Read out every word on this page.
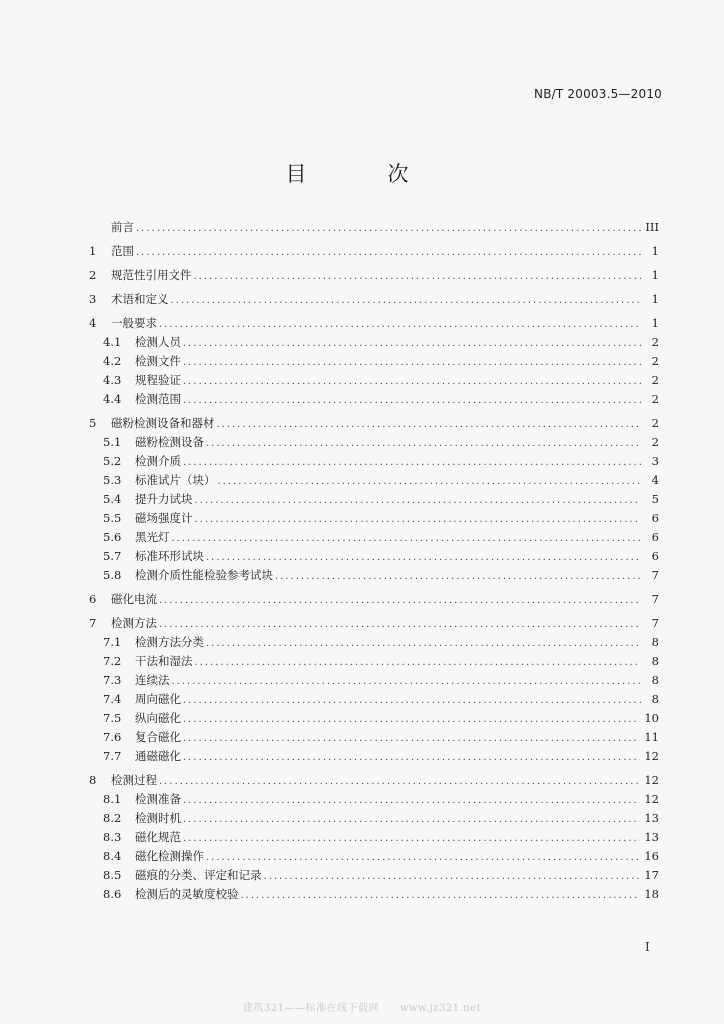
NB/T 20003.5—2010
目　次
前言 .....	III
1	范围 .....	1
2	规范性引用文件 .....	1
3	术语和定义 .....	1
4	一般要求 .....	1
4.1	检测人员 .....	2
4.2	检测文件 .....	2
4.3	规程验证 .....	2
4.4	检测范围 .....	2
5	磁粉检测设备和器材 .....	2
5.1	磁粉检测设备 .....	2
5.2	检测介质 .....	3
5.3	标准试片（块） .....	4
5.4	提升力试块 .....	5
5.5	磁场强度计 .....	6
5.6	黑光灯 .....	6
5.7	标准环形试块 .....	6
5.8	检测介质性能检验参考试块 .....	7
6	磁化电流 .....	7
7	检测方法 .....	7
7.1	检测方法分类 .....	8
7.2	干法和湿法 .....	8
7.3	连续法 .....	8
7.4	周向磁化 .....	8
7.5	纵向磁化 .....	10
7.6	复合磁化 .....	11
7.7	通磁磁化 .....	12
8	检测过程 .....	12
8.1	检测准备 .....	12
8.2	检测时机 .....	13
8.3	磁化规范 .....	13
8.4	磁化检测操作 .....	16
8.5	磁痕的分类、评定和记录 .....	17
8.6	检测后的灵敏度校验 .....	18
I
建筑321——标准在线下载网　　www.jz321.net
